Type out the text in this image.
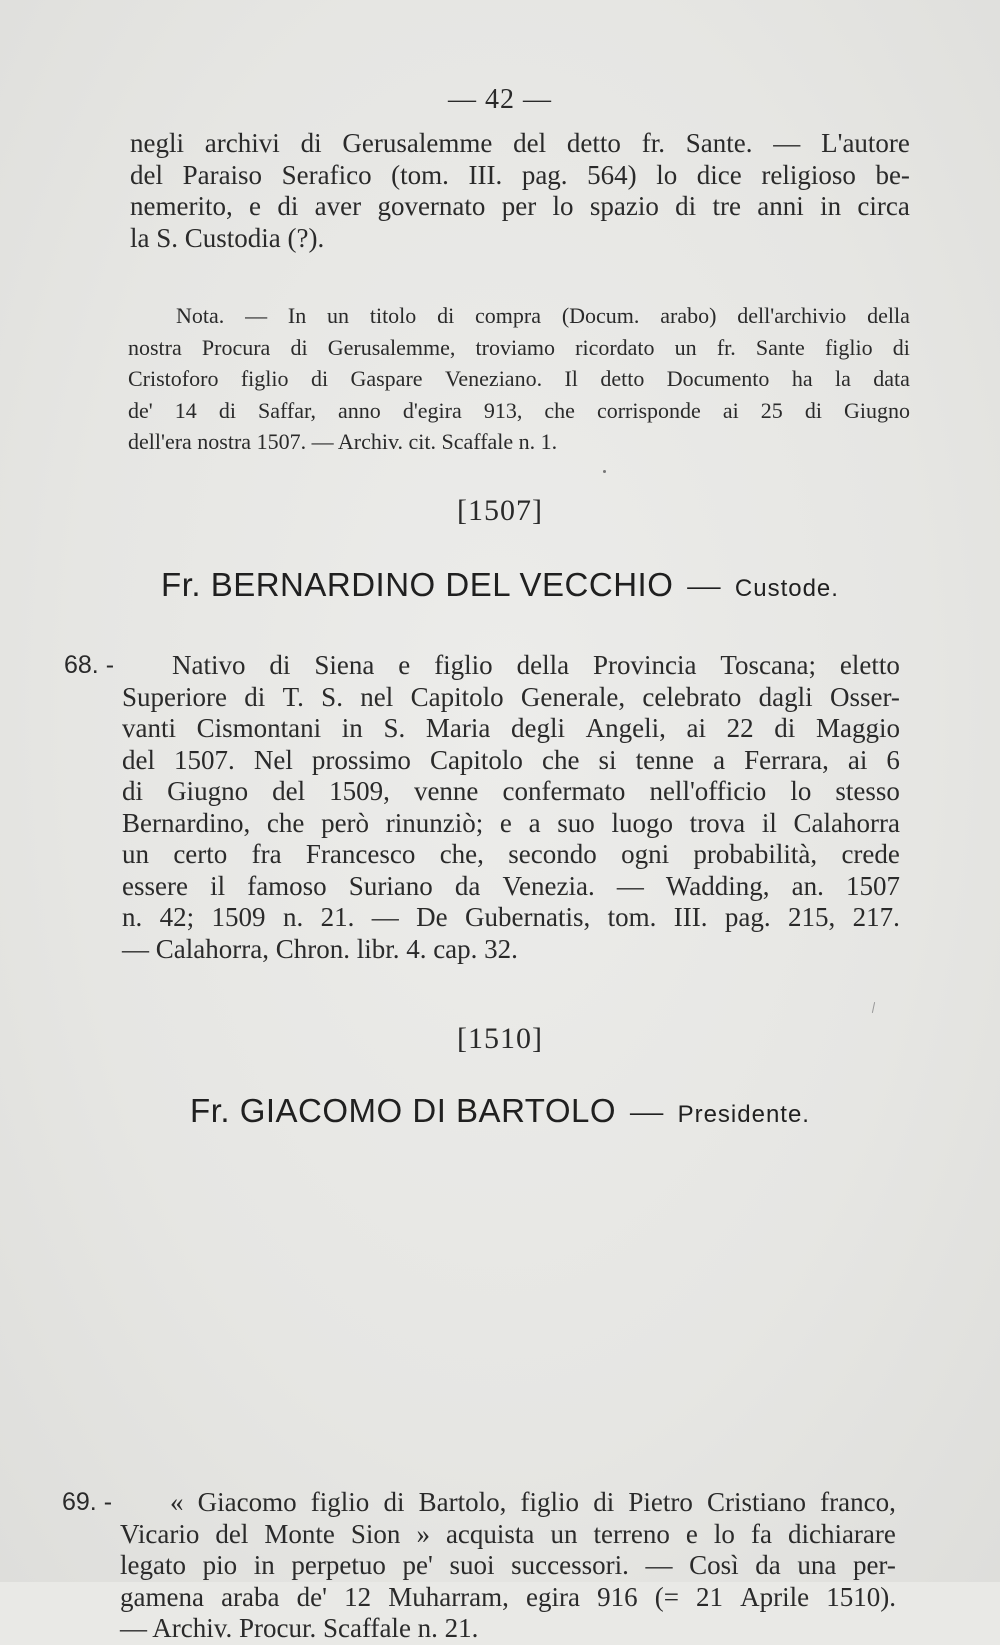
— 42 —
negli archivi di Gerusalemme del detto fr. Sante. — L'autore
del Paraiso Serafico (tom. III. pag. 564) lo dice religioso be-
nemerito, e di aver governato per lo spazio di tre anni in circa
la S. Custodia (?).
Nota. — In un titolo di compra (Docum. arabo) dell'archivio della
nostra Procura di Gerusalemme, troviamo ricordato un fr. Sante figlio di
Cristoforo figlio di Gaspare Veneziano. Il detto Documento ha la data
de' 14 di Saffar, anno d'egira 913, che corrisponde ai 25 di Giugno
dell'era nostra 1507. — Archiv. cit. Scaffale n. 1.
[1507]
Fr. BERNARDINO DEL VECCHIO — Custode.
68. - Nativo di Siena e figlio della Provincia Toscana; eletto
Superiore di T. S. nel Capitolo Generale, celebrato dagli Osser-
vanti Cismontani in S. Maria degli Angeli, ai 22 di Maggio
del 1507. Nel prossimo Capitolo che si tenne a Ferrara, ai 6
di Giugno del 1509, venne confermato nell'officio lo stesso
Bernardino, che però rinunziò; e a suo luogo trova il Calahorra
un certo fra Francesco che, secondo ogni probabilità, crede
essere il famoso Suriano da Venezia. — Wadding, an. 1507
n. 42; 1509 n. 21. — De Gubernatis, tom. III. pag. 215, 217.
— Calahorra, Chron. libr. 4. cap. 32.
[1510]
Fr. GIACOMO DI BARTOLO — Presidente.
69. - « Giacomo figlio di Bartolo, figlio di Pietro Cristiano franco,
Vicario del Monte Sion » acquista un terreno e lo fa dichiarare
legato pio in perpetuo pe' suoi successori. — Così da una per-
gamena araba de' 12 Muharram, egira 916 (= 21 Aprile 1510).
— Archiv. Procur. Scaffale n. 21.
